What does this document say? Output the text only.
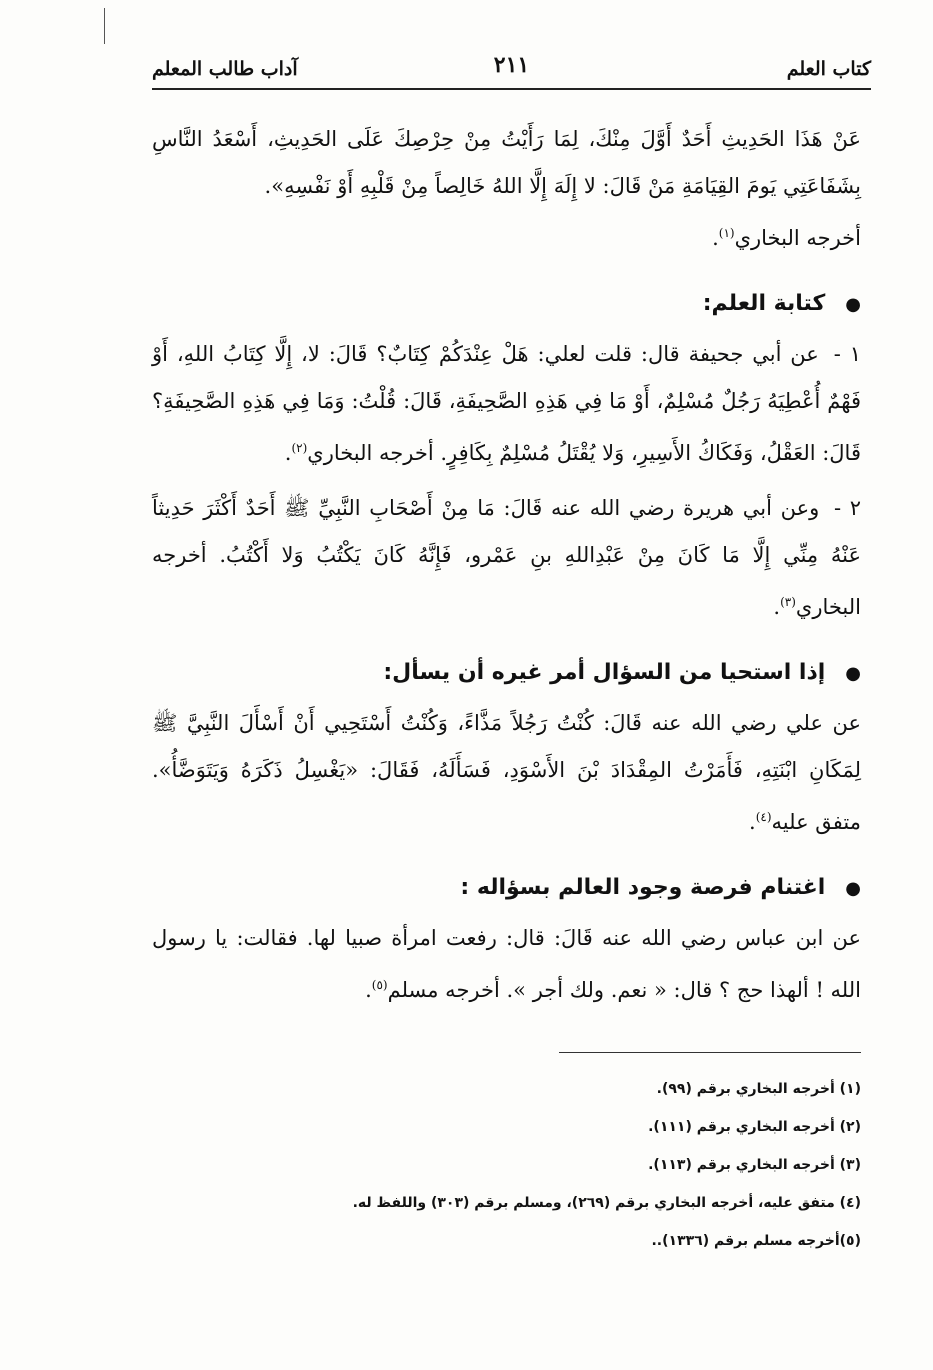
كتاب العلم
٢١١
آداب طالب المعلم

عَنْ هَذَا الحَدِيثِ أَحَدٌ أَوَّلَ مِنْكَ، لِمَا رَأَيْتُ مِنْ حِرْصِكَ عَلَى الحَدِيثِ، أَسْعَدُ النَّاسِ بِشَفَاعَتِي يَومَ القِيَامَةِ مَنْ قَالَ: لا إِلَهَ إِلَّا اللهُ خَالِصاً مِنْ قَلْبِهِ أَوْ نَفْسِهِ».
أخرجه البخاري$^{(١)}$.

●كتابة العلم:

١ - عن أبي جحيفة قال: قلت لعلي: هَلْ عِنْدَكُمْ كِتَابٌ؟ قَالَ: لا، إِلَّا كِتَابُ اللهِ، أَوْ فَهْمٌ أُعْطِيَهُ رَجُلٌ مُسْلِمٌ، أَوْ مَا فِي هَذِهِ الصَّحِيفَةِ، قَالَ: قُلْتُ: وَمَا فِي هَذِهِ الصَّحِيفَةِ؟ قَالَ: العَقْلُ، وَفَكَاكُ الأَسِيرِ، وَلا يُقْتَلُ مُسْلِمٌ بِكَافِرٍ. أخرجه البخاري$^{(٢)}$.

٢ - وعن أبي هريرة رضي الله عنه قَالَ: مَا مِنْ أَصْحَابِ النَّبِيِّ ﷺ أَحَدٌ أَكْثَرَ حَدِيثاً عَنْهُ مِنِّي إِلَّا مَا كَانَ مِنْ عَبْدِاللهِ بنِ عَمْرو، فَإِنَّهُ كَانَ يَكْتُبُ وَلا أَكْتُبُ. أخرجه البخاري$^{(٣)}$.

●إذا استحيا من السؤال أمر غيره أن يسأل:

عن علي رضي الله عنه قَالَ: كُنْتُ رَجُلاً مَذَّاءً، وَكُنْتُ أَسْتَحِيي أَنْ أَسْأَلَ النَّبِيَّ ﷺ لِمَكَانِ ابْنَتِهِ، فَأَمَرْتُ المِقْدَادَ بْنَ الأَسْوَدِ، فَسَأَلَهُ، فَقَالَ: «يَغْسِلُ ذَكَرَهُ وَيَتَوَضَّأُ». متفق عليه$^{(٤)}$.

●اغتنام فرصة وجود العالم بسؤاله :

عن ابن عباس رضي الله عنه قَالَ: قال: رفعت امرأة صبيا لها. فقالت: يا رسول الله ! ألهذا حج ؟ قال: « نعم. ولك أجر ». أخرجه مسلم$^{(٥)}$.

(١) أخرجه البخاري برقم (٩٩).
(٢) أخرجه البخاري برقم (١١١).
(٣) أخرجه البخاري برقم (١١٣).
(٤) متفق عليه، أخرجه البخاري برقم (٢٦٩)، ومسلم برقم (٣٠٣) واللفظ له.
(٥)أخرجه مسلم برقم (١٣٣٦)..
